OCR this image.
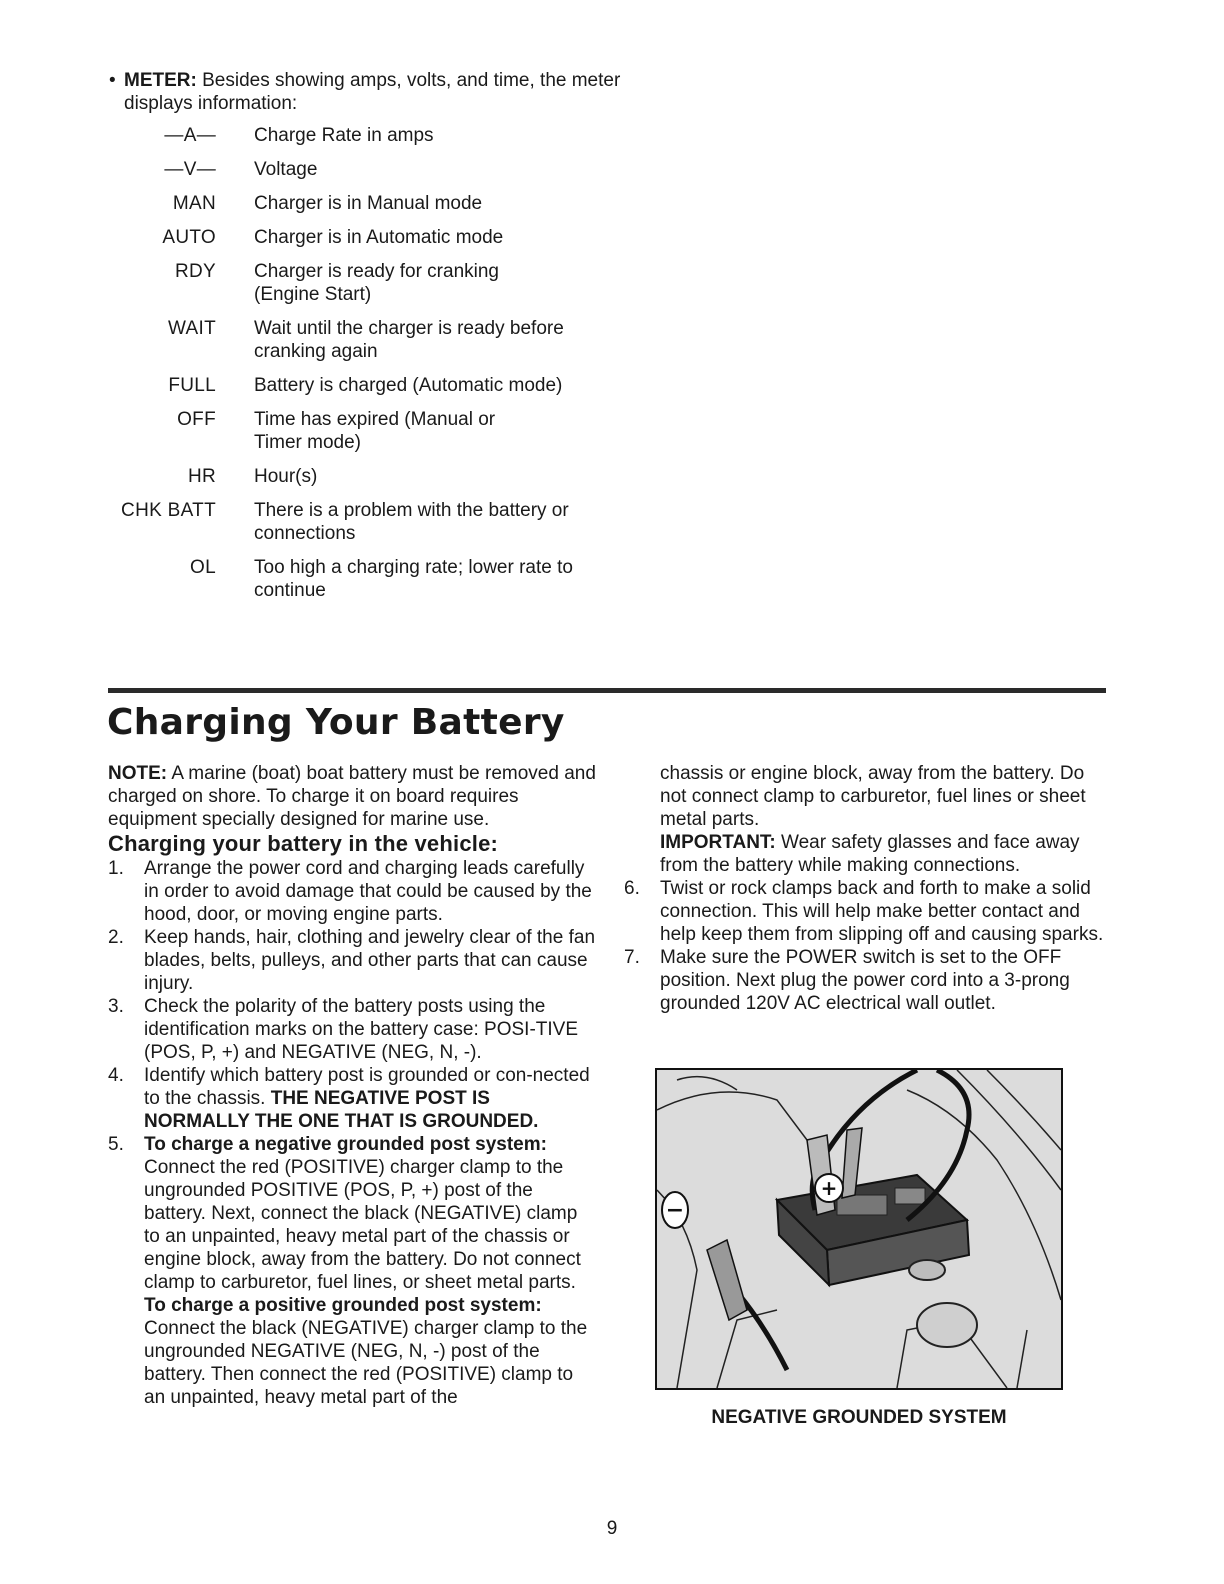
• METER: Besides showing amps, volts, and time, the meter displays information:
—A— Charge Rate in amps
—V— Voltage
MAN Charger is in Manual mode
AUTO Charger is in Automatic mode
RDY Charger is ready for cranking (Engine Start)
WAIT Wait until the charger is ready before cranking again
FULL Battery is charged (Automatic mode)
OFF Time has expired (Manual or Timer mode)
HR Hour(s)
CHK BATT There is a problem with the battery or connections
OL Too high a charging rate; lower rate to continue
Charging Your Battery

NOTE: A marine (boat) boat battery must be removed and charged on shore. To charge it on board requires equipment specially designed for marine use.

Charging your battery in the vehicle:

1. Arrange the power cord and charging leads carefully in order to avoid damage that could be caused by the hood, door, or moving engine parts.
2. Keep hands, hair, clothing and jewelry clear of the fan blades, belts, pulleys, and other parts that can cause injury.
3. Check the polarity of the battery posts using the identification marks on the battery case: POSI-TIVE (POS, P, +) and NEGATIVE (NEG, N, -).
4. Identify which battery post is grounded or con-nected to the chassis. THE NEGATIVE POST IS NORMALLY THE ONE THAT IS GROUNDED.
5. To charge a negative grounded post system:
Connect the red (POSITIVE) charger clamp to the ungrounded POSITIVE (POS, P, +) post of the battery. Next, connect the black (NEGATIVE) clamp to an unpainted, heavy metal part of the chassis or engine block, away from the battery. Do not connect clamp to carburetor, fuel lines, or sheet metal parts.
To charge a positive grounded post system:
Connect the black (NEGATIVE) charger clamp to the ungrounded NEGATIVE (NEG, N, -) post of the battery. Then connect the red (POSITIVE) clamp to an unpainted, heavy metal part of the
chassis or engine block, away from the battery. Do not connect clamp to carburetor, fuel lines or sheet metal parts.
IMPORTANT: Wear safety glasses and face away from the battery while making connections.
6. Twist or rock clamps back and forth to make a solid connection. This will help make better contact and help keep them from slipping off and causing sparks.
7. Make sure the POWER switch is set to the OFF position. Next plug the power cord into a 3-prong grounded 120V AC electrical wall outlet.
+
−
NEGATIVE GROUNDED SYSTEM
9
